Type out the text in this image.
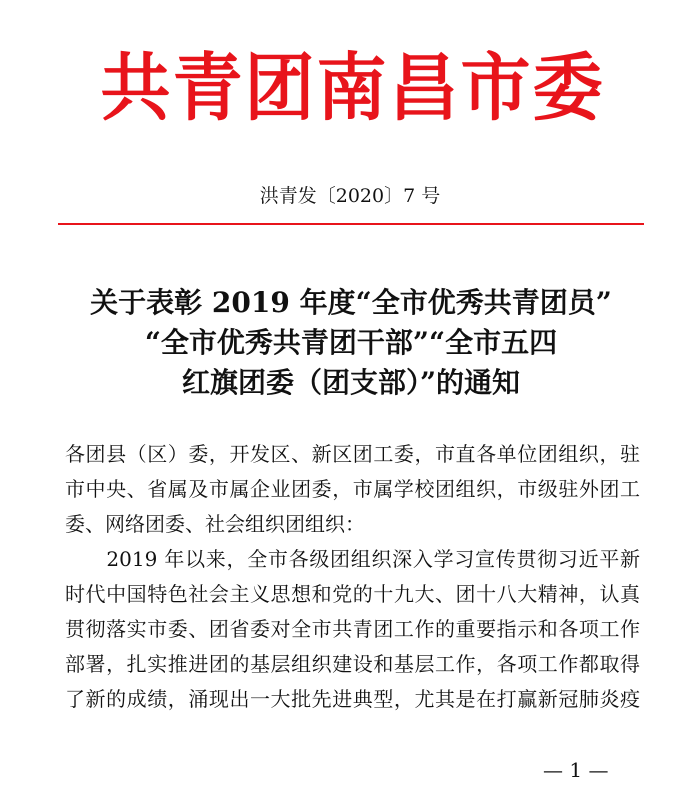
共青团南昌市委
洪青发〔2020〕7 号
关于表彰 2019 年度“全市优秀共青团员”
“全市优秀共青团干部”“全市五四
红旗团委（团支部）”的通知
各团县（区）委，开发区、新区团工委，市直各单位团组织，驻
市中央、省属及市属企业团委，市属学校团组织，市级驻外团工
委、网络团委、社会组织团组织：
　　2019 年以来，全市各级团组织深入学习宣传贯彻习近平新
时代中国特色社会主义思想和党的十九大、团十八大精神，认真
贯彻落实市委、团省委对全市共青团工作的重要指示和各项工作
部署，扎实推进团的基层组织建设和基层工作，各项工作都取得
了新的成绩，涌现出一大批先进典型，尤其是在打赢新冠肺炎疫
— 1 —
